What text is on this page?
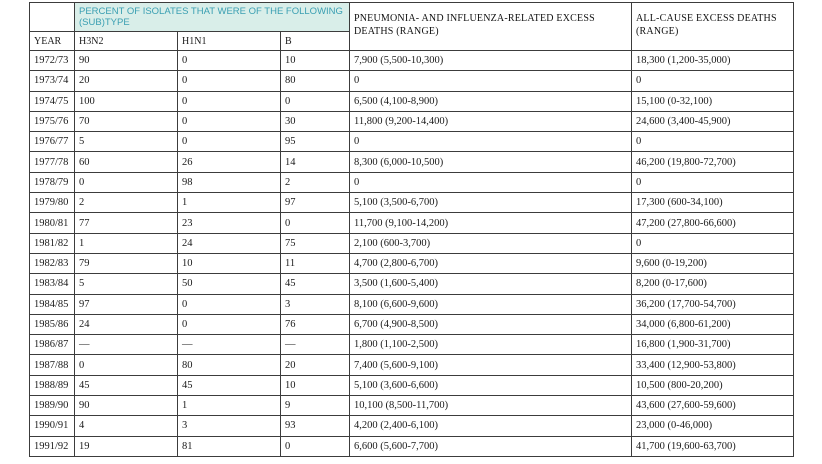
	PERCENT OF ISOLATES THAT WERE OF THE FOLLOWING (SUB)TYPE			PNEUMONIA- AND INFLUENZA-RELATED EXCESS DEATHS (RANGE)	ALL-CAUSE EXCESS DEATHS (RANGE)
YEAR	H3N2	H1N1	B		
1972/73	90	0	10	7,900 (5,500-10,300)	18,300 (1,200-35,000)
1973/74	20	0	80	0	0
1974/75	100	0	0	6,500 (4,100-8,900)	15,100 (0-32,100)
1975/76	70	0	30	11,800 (9,200-14,400)	24,600 (3,400-45,900)
1976/77	5	0	95	0	0
1977/78	60	26	14	8,300 (6,000-10,500)	46,200 (19,800-72,700)
1978/79	0	98	2	0	0
1979/80	2	1	97	5,100 (3,500-6,700)	17,300 (600-34,100)
1980/81	77	23	0	11,700 (9,100-14,200)	47,200 (27,800-66,600)
1981/82	1	24	75	2,100 (600-3,700)	0
1982/83	79	10	11	4,700 (2,800-6,700)	9,600 (0-19,200)
1983/84	5	50	45	3,500 (1,600-5,400)	8,200 (0-17,600)
1984/85	97	0	3	8,100 (6,600-9,600)	36,200 (17,700-54,700)
1985/86	24	0	76	6,700 (4,900-8,500)	34,000 (6,800-61,200)
1986/87	—	—	—	1,800 (1,100-2,500)	16,800 (1,900-31,700)
1987/88	0	80	20	7,400 (5,600-9,100)	33,400 (12,900-53,800)
1988/89	45	45	10	5,100 (3,600-6,600)	10,500 (800-20,200)
1989/90	90	1	9	10,100 (8,500-11,700)	43,600 (27,600-59,600)
1990/91	4	3	93	4,200 (2,400-6,100)	23,000 (0-46,000)
1991/92	19	81	0	6,600 (5,600-7,700)	41,700 (19,600-63,700)
